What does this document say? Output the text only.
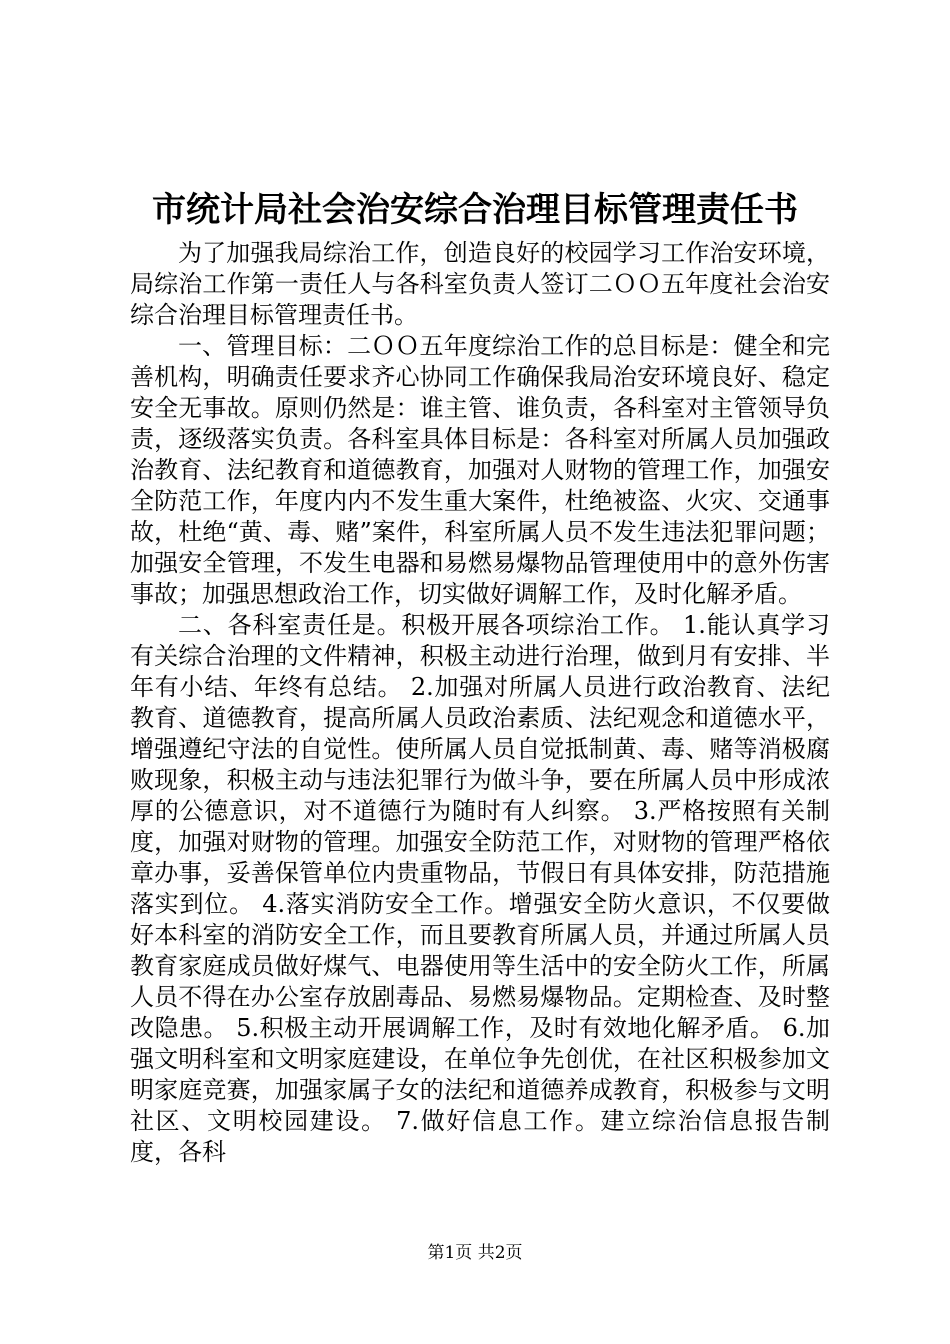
市统计局社会治安综合治理目标管理责任书

为了加强我局综治工作，创造良好的校园学习工作治安环境，局综治工作第一责任人与各科室负责人签订二ＯＯ五年度社会治安综合治理目标管理责任书。

一、管理目标：二ＯＯ五年度综治工作的总目标是：健全和完善机构，明确责任要求齐心协同工作确保我局治安环境良好、稳定安全无事故。原则仍然是：谁主管、谁负责，各科室对主管领导负责，逐级落实负责。各科室具体目标是：各科室对所属人员加强政治教育、法纪教育和道德教育，加强对人财物的管理工作，加强安全防范工作，年度内内不发生重大案件，杜绝被盗、火灾、交通事故，杜绝“黄、毒、赌”案件，科室所属人员不发生违法犯罪问题；加强安全管理，不发生电器和易燃易爆物品管理使用中的意外伤害事故；加强思想政治工作，切实做好调解工作，及时化解矛盾。

二、各科室责任是。积极开展各项综治工作。 1.能认真学习有关综合治理的文件精神，积极主动进行治理，做到月有安排、半年有小结、年终有总结。 2.加强对所属人员进行政治教育、法纪教育、道德教育，提高所属人员政治素质、法纪观念和道德水平，增强遵纪守法的自觉性。使所属人员自觉抵制黄、毒、赌等消极腐败现象，积极主动与违法犯罪行为做斗争，要在所属人员中形成浓厚的公德意识，对不道德行为随时有人纠察。 3.严格按照有关制度，加强对财物的管理。加强安全防范工作，对财物的管理严格依章办事，妥善保管单位内贵重物品，节假日有具体安排，防范措施落实到位。 4.落实消防安全工作。增强安全防火意识，不仅要做好本科室的消防安全工作，而且要教育所属人员，并通过所属人员教育家庭成员做好煤气、电器使用等生活中的安全防火工作，所属人员不得在办公室存放剧毒品、易燃易爆物品。定期检查、及时整改隐患。 5.积极主动开展调解工作，及时有效地化解矛盾。 6.加强文明科室和文明家庭建设，在单位争先创优，在社区积极参加文明家庭竞赛，加强家属子女的法纪和道德养成教育，积极参与文明社区、文明校园建设。 7.做好信息工作。建立综治信息报告制度，各科

第1页 共2页
